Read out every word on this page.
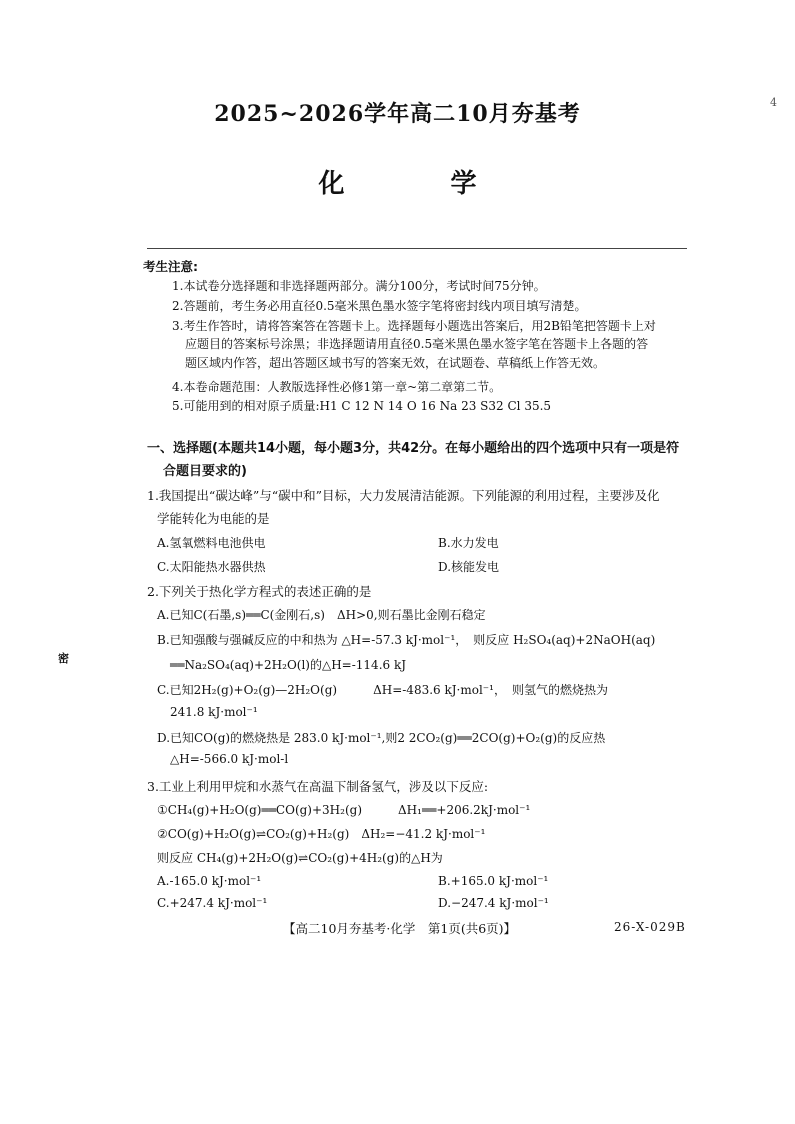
2025~2026学年高二10月夯基考
化　学
4
考生注意:
1.本试卷分选择题和非选择题两部分。满分100分，考试时间75分钟。
2.答题前，考生务必用直径0.5毫米黑色墨水签字笔将密封线内项目填写清楚。
3.考生作答时，请将答案答在答题卡上。选择题每小题选出答案后，用2B铅笔把答题卡上对
应题目的答案标号涂黑；非选择题请用直径0.5毫米黑色墨水签字笔在答题卡上各题的答
题区域内作答，超出答题区域书写的答案无效，在试题卷、草稿纸上作答无效。
4.本卷命题范围：人教版选择性必修1第一章~第二章第二节。
5.可能用到的相对原子质量:H1 C 12 N 14 O 16 Na 23 S32 Cl 35.5
一、选择题(本题共14小题，每小题3分，共42分。在每小题给出的四个选项中只有一项是符
合题目要求的)
1.我国提出“碳达峰”与“碳中和”目标，大力发展清洁能源。下列能源的利用过程，主要涉及化
学能转化为电能的是
A.氢氧燃料电池供电	B.水力发电
C.太阳能热水器供热	D.核能发电
2.下列关于热化学方程式的表述正确的是
A.已知C(石墨,s)══C(金刚石,s)　ΔH>0,则石墨比金刚石稳定
B.已知强酸与强碱反应的中和热为 △H=-57.3 kJ·mol⁻¹，　则反应 H₂SO₄(aq)+2NaOH(aq)
══Na₂SO₄(aq)+2H₂O(l)的△H=-114.6 kJ
C.已知2H₂(g)+O₂(g)—2H₂O(g)　　　ΔH=-483.6 kJ·mol⁻¹，　则氢气的燃烧热为
241.8 kJ·mol⁻¹
D.已知CO(g)的燃烧热是 283.0 kJ·mol⁻¹,则2 2CO₂(g)══2CO(g)+O₂(g)的反应热
△H=-566.0 kJ·mol-l
3.工业上利用甲烷和水蒸气在高温下制备氢气，涉及以下反应:
①CH₄(g)+H₂O(g)══CO(g)+3H₂(g)　　　ΔH₁══+206.2kJ·mol⁻¹
②CO(g)+H₂O(g)⇌CO₂(g)+H₂(g)　ΔH₂=−41.2 kJ·mol⁻¹
则反应 CH₄(g)+2H₂O(g)⇌CO₂(g)+4H₂(g)的△H为
A.-165.0 kJ·mol⁻¹	B.+165.0 kJ·mol⁻¹
C.+247.4 kJ·mol⁻¹	D.−247.4 kJ·mol⁻¹
密
【高二10月夯基考·化学　第1页(共6页)】	26-X-029B
